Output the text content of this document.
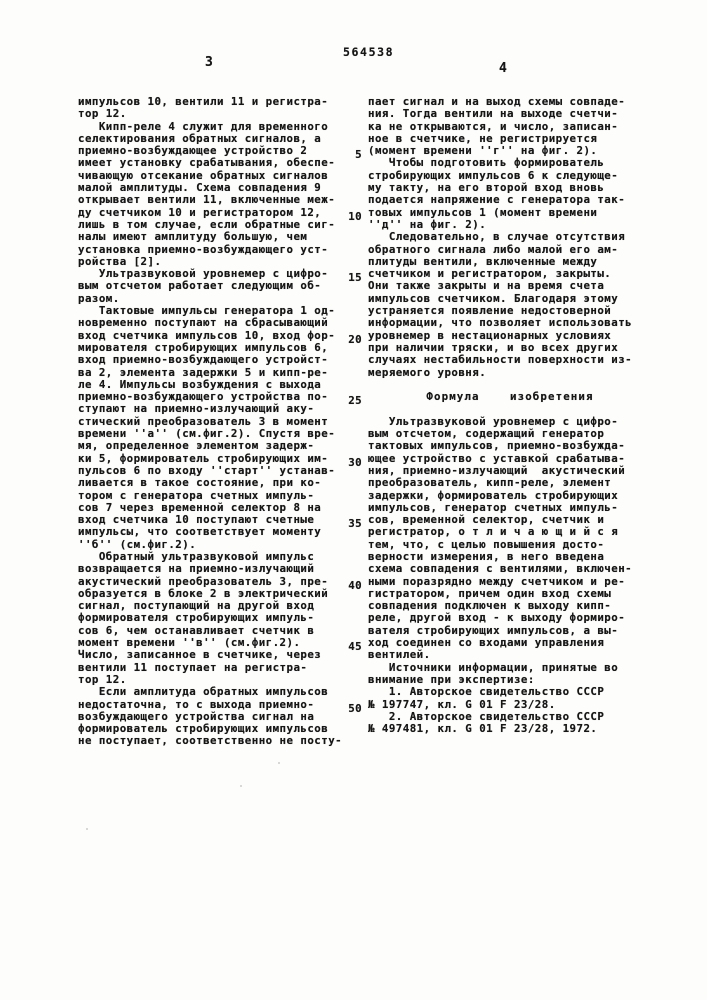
564538
3	4
импульсов 10, вентили 11 и регистра-
тор 12.
Кипп-реле 4 служит для временного
селектирования обратных сигналов, а
приемно-возбуждающее устройство 2
имеет установку срабатывания, обеспе-
чивающую отсекание обратных сигналов
малой амплитуды. Схема совпадения 9
открывает вентили 11, включенные меж-
ду счетчиком 10 и регистратором 12,
лишь в том случае, если обратные сиг-
налы имеют амплитуду большую, чем
установка приемно-возбуждающего уст-
ройства [2].
Ультразвуковой уровнемер с цифро-
вым отсчетом работает следующим об-
разом.
Тактовые импульсы генератора 1 од-
новременно поступают на сбрасывающий
вход счетчика импульсов 10, вход фор-
мирователя стробирующих импульсов 6,
вход приемно-возбуждающего устройст-
ва 2, элемента задержки 5 и кипп-ре-
ле 4. Импульсы возбуждения с выхода
приемно-возбуждающего устройства по-
ступают на приемно-излучающий аку-
стический преобразователь 3 в момент
времени ''а'' (см.фиг.2). Спустя вре-
мя, определенное элементом задерж-
ки 5, формирователь стробирующих им-
пульсов 6 по входу ''старт'' устанав-
ливается в такое состояние, при ко-
тором с генератора счетных импуль-
сов 7 через временной селектор 8 на
вход счетчика 10 поступают счетные
импульсы, что соответствует моменту
''б'' (см.фиг.2).
Обратный ультразвуковой импульс
возвращается на приемно-излучающий
акустический преобразователь 3, пре-
образуется в блоке 2 в электрический
сигнал, поступающий на другой вход
формирователя стробирующих импуль-
сов 6, чем останавливает счетчик в
момент времени ''в'' (см.фиг.2).
Число, записанное в счетчике, через
вентили 11 поступает на регистра-
тор 12.
Если амплитуда обратных импульсов
недостаточна, то с выхода приемно-
возбуждающего устройства сигнал на
формирователь стробирующих импульсов
не поступает, соответственно не посту-
пает сигнал и на выход схемы совпаде-
ния. Тогда вентили на выходе счетчи-
ка не открываются, и число, записан-
ное в счетчике, не регистрируется
(момент времени ''г'' на фиг. 2).
Чтобы подготовить формирователь
стробирующих импульсов 6 к следующе-
му такту, на его второй вход вновь
подается напряжение с генератора так-
товых импульсов 1 (момент времени
''д'' на фиг. 2).
Следовательно, в случае отсутствия
обратного сигнала либо малой его ам-
плитуды вентили, включенные между
счетчиком и регистратором, закрыты.
Они также закрыты и на время счета
импульсов счетчиком. Благодаря этому
устраняется появление недостоверной
информации, что позволяет использовать
уровнемер в нестационарных условиях
при наличии тряски, и во всех других
случаях нестабильности поверхности из-
меряемого уровня.

Формула    изобретения

Ультразвуковой уровнемер с цифро-
вым отсчетом, содержащий генератор
тактовых импульсов, приемно-возбужда-
ющее устройство с уставкой срабатыва-
ния, приемно-излучающий  акустический
преобразователь, кипп-реле, элемент
задержки, формирователь стробирующих
импульсов, генератор счетных импуль-
сов, временной селектор, счетчик и
регистратор, о т л и ч а ю щ и й с я
тем, что, с целью повышения досто-
верности измерения, в него введена
схема совпадения с вентилями, включен-
ными поразрядно между счетчиком и ре-
гистратором, причем один вход схемы
совпадения подключен к выходу кипп-
реле, другой вход - к выходу формиро-
вателя стробирующих импульсов, а вы-
ход соединен со входами управления
вентилей.
Источники информации, принятые во
внимание при экспертизе:
1. Авторское свидетельство СССР
№ 197747, кл. G 01 F 23/28.
2. Авторское свидетельство СССР
№ 497481, кл. G 01 F 23/28, 1972.
5
10
15
20
25
30
35
40
45
50
